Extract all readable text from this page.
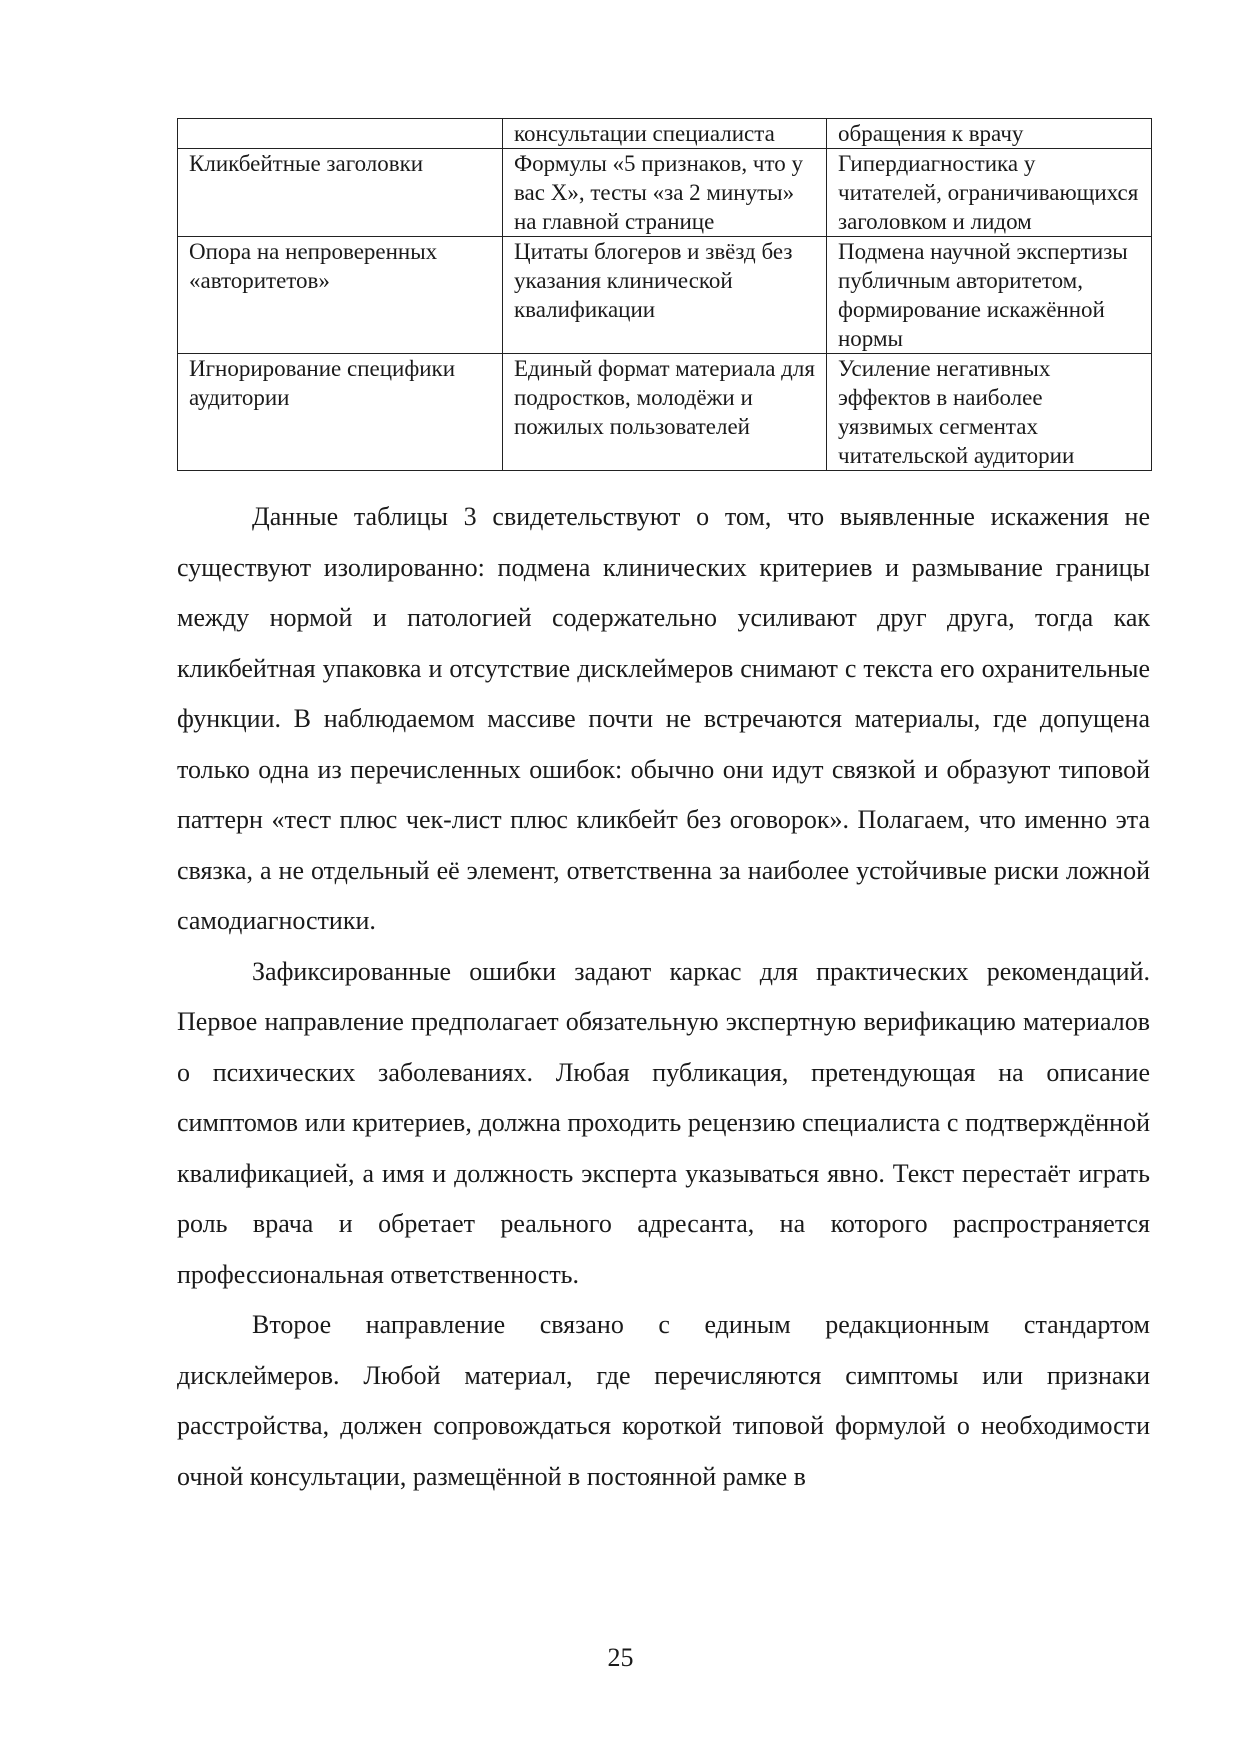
	консультации специалиста	обращения к врачу
Кликбейтные заголовки	Формулы «5 признаков, что у вас X», тесты «за 2 минуты» на главной странице	Гипердиагностика у читателей, ограничивающихся заголовком и лидом
Опора на непроверенных «авторитетов»	Цитаты блогеров и звёзд без указания клинической квалификации	Подмена научной экспертизы публичным авторитетом, формирование искажённой нормы
Игнорирование специфики аудитории	Единый формат материала для подростков, молодёжи и пожилых пользователей	Усиление негативных эффектов в наиболее уязвимых сегментах читательской аудитории

Данные таблицы 3 свидетельствуют о том, что выявленные искажения не существуют изолированно: подмена клинических критериев и размывание границы между нормой и патологией содержательно усиливают друг друга, тогда как кликбейтная упаковка и отсутствие дисклеймеров снимают с текста его охранительные функции. В наблюдаемом массиве почти не встречаются материалы, где допущена только одна из перечисленных ошибок: обычно они идут связкой и образуют типовой паттерн «тест плюс чек-лист плюс кликбейт без оговорок». Полагаем, что именно эта связка, а не отдельный её элемент, ответственна за наиболее устойчивые риски ложной самодиагностики.

Зафиксированные ошибки задают каркас для практических рекомендаций. Первое направление предполагает обязательную экспертную верификацию материалов о психических заболеваниях. Любая публикация, претендующая на описание симптомов или критериев, должна проходить рецензию специалиста с подтверждённой квалификацией, а имя и должность эксперта указываться явно. Текст перестаёт играть роль врача и обретает реального адресанта, на которого распространяется профессиональная ответственность.

Второе направление связано с единым редакционным стандартом дисклеймеров. Любой материал, где перечисляются симптомы или признаки расстройства, должен сопровождаться короткой типовой формулой о необходимости очной консультации, размещённой в постоянной рамке в

25
